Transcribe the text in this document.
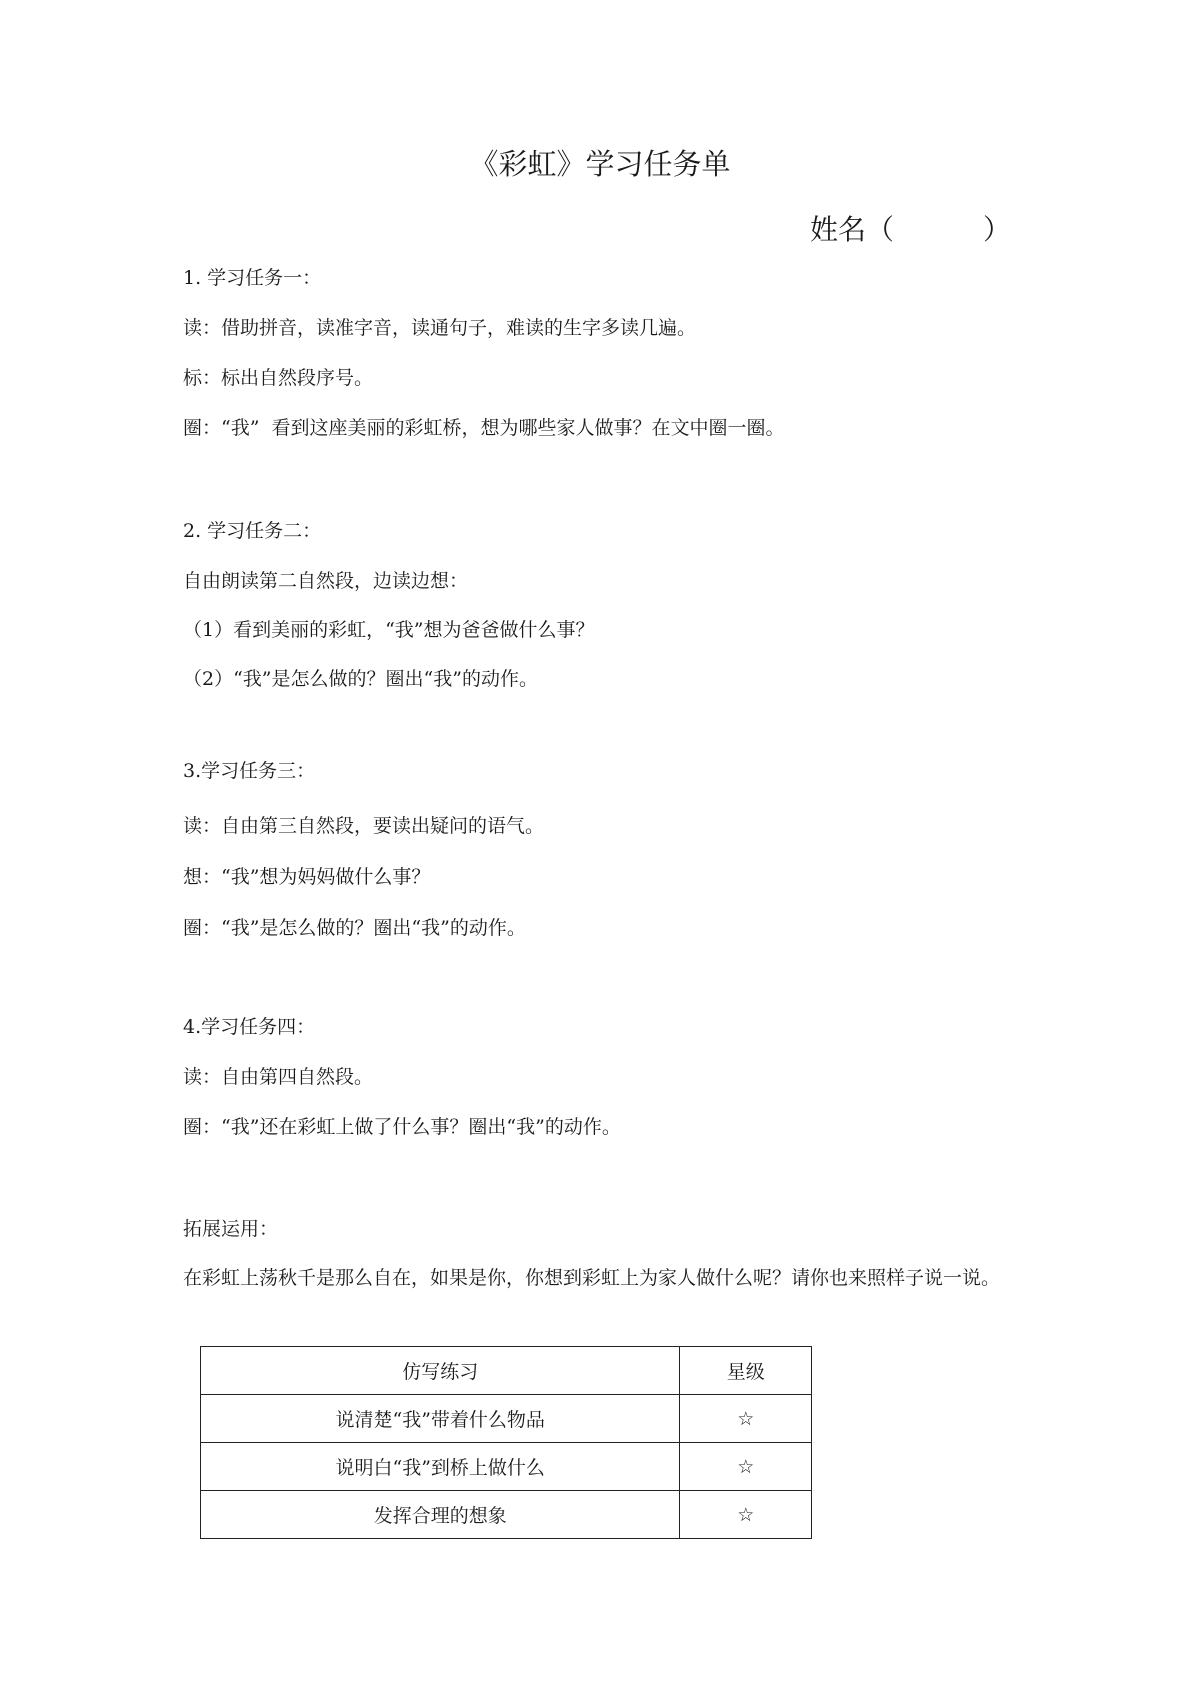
《彩虹》学习任务单
姓名（          ）
1. 学习任务一：
读：借助拼音，读准字音，读通句子，难读的生字多读几遍。
标：标出自然段序号。
圈：“我”  看到这座美丽的彩虹桥，想为哪些家人做事？在文中圈一圈。
2. 学习任务二：
自由朗读第二自然段，边读边想：
（1）看到美丽的彩虹，“我”想为爸爸做什么事？
（2）“我”是怎么做的？圈出“我”的动作。
3.学习任务三：
读：自由第三自然段，要读出疑问的语气。
想：“我”想为妈妈做什么事？
圈：“我”是怎么做的？圈出“我”的动作。
4.学习任务四：
读：自由第四自然段。
圈：“我”还在彩虹上做了什么事？圈出“我”的动作。
拓展运用：
在彩虹上荡秋千是那么自在，如果是你，你想到彩虹上为家人做什么呢？请你也来照样子说一说。
仿写练习	星级
说清楚“我”带着什么物品	☆
说明白“我”到桥上做什么	☆
发挥合理的想象	☆
